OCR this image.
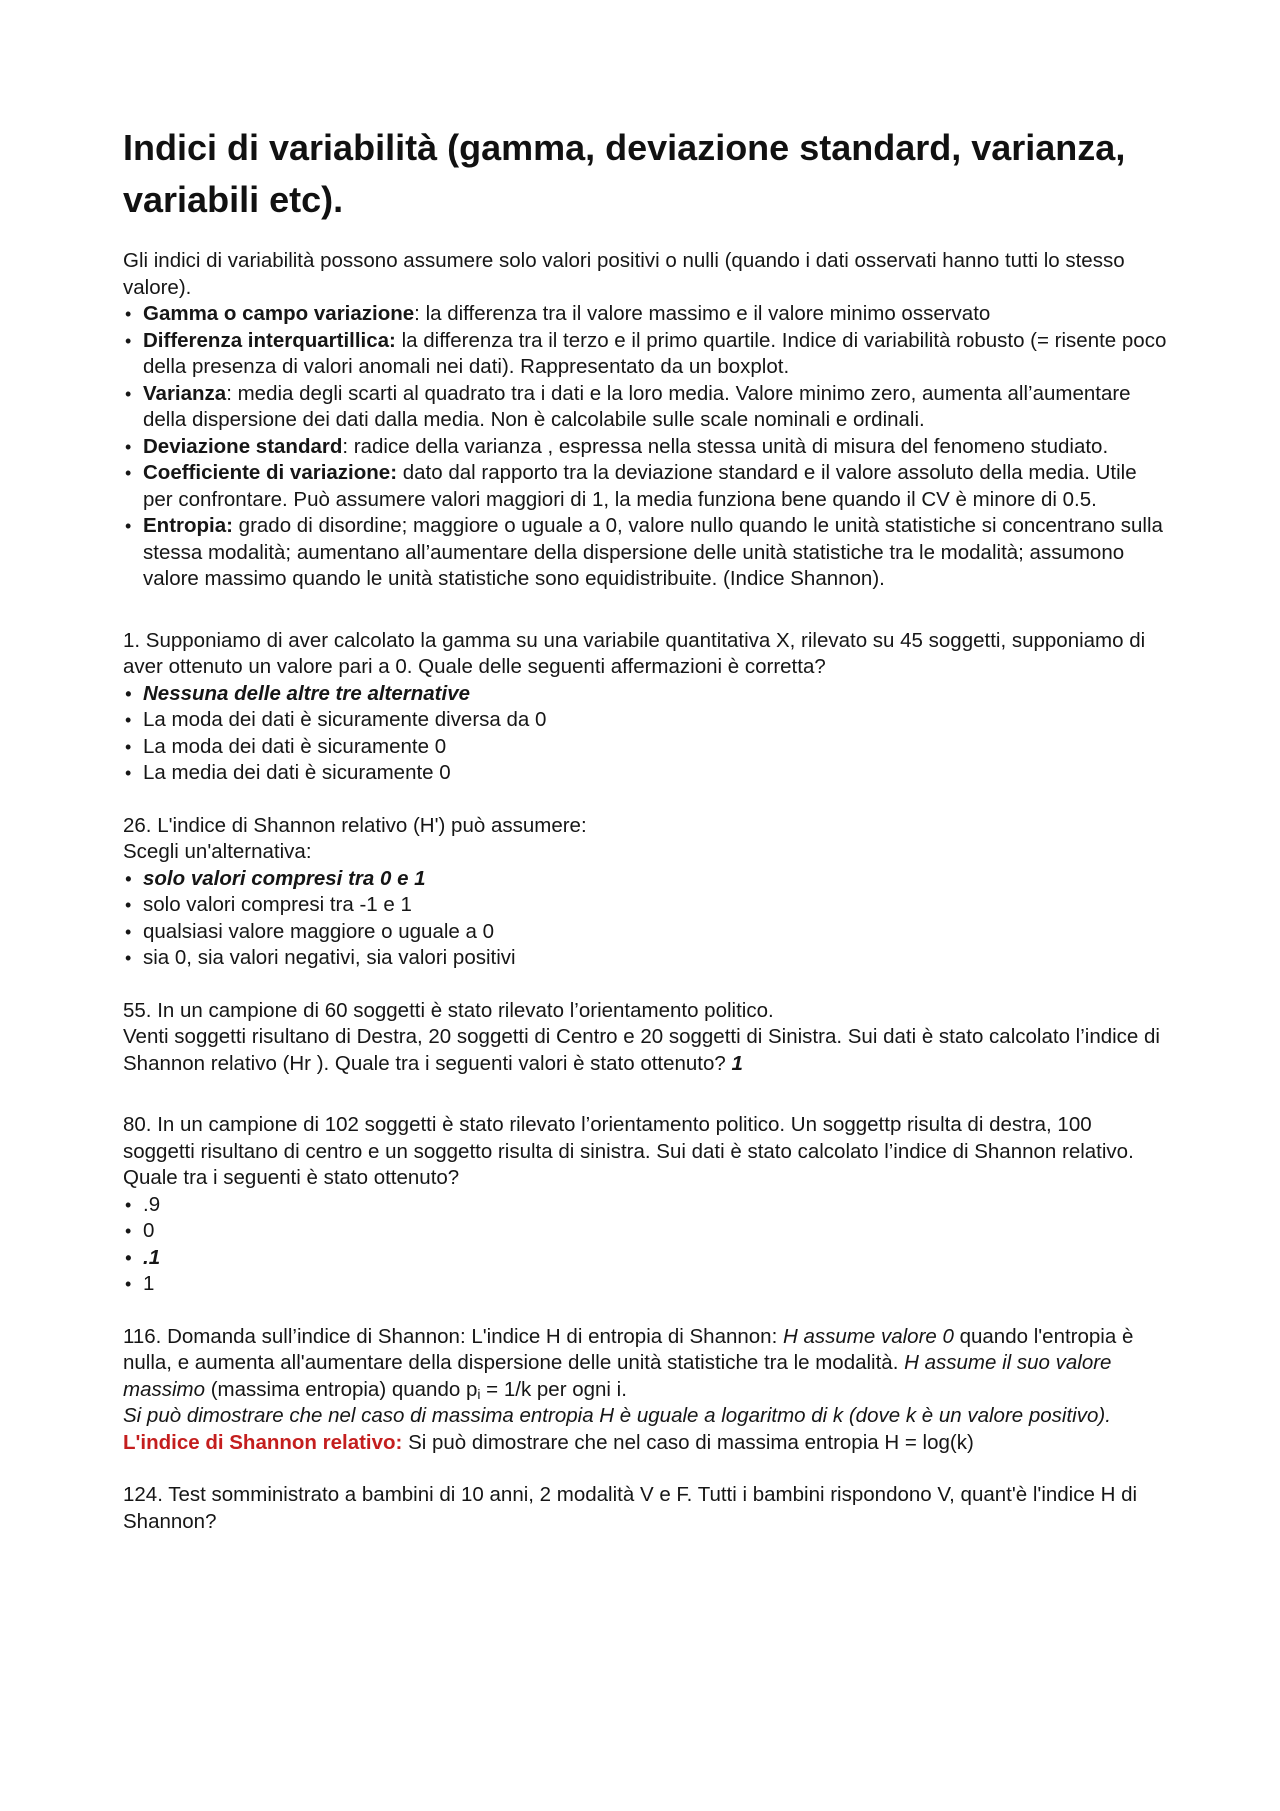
Indici di variabilità (gamma, deviazione standard, varianza, variabili etc).

Gli indici di variabilità possono assumere solo valori positivi o nulli (quando i dati osservati hanno tutti lo stesso valore).

• Gamma o campo variazione: la differenza tra il valore massimo e il valore minimo osservato
• Differenza interquartillica: la differenza tra il terzo e il primo quartile. Indice di variabilità robusto (= risente poco della presenza di valori anomali nei dati). Rappresentato da un boxplot.
• Varianza: media degli scarti al quadrato tra i dati e la loro media. Valore minimo zero, aumenta all’aumentare della dispersione dei dati dalla media. Non è calcolabile sulle scale nominali e ordinali.
• Deviazione standard: radice della varianza , espressa nella stessa unità di misura del fenomeno studiato.
• Coefficiente di variazione: dato dal rapporto tra la deviazione standard e il valore assoluto della media. Utile per confrontare. Può assumere valori maggiori di 1, la media funziona bene quando il CV è minore di 0.5.
• Entropia: grado di disordine; maggiore o uguale a 0, valore nullo quando le unità statistiche si concentrano sulla stessa modalità; aumentano all’aumentare della dispersione delle unità statistiche tra le modalità; assumono valore massimo quando le unità statistiche sono equidistribuite. (Indice Shannon).

1. Supponiamo di aver calcolato la gamma su una variabile quantitativa X, rilevato su 45 soggetti, supponiamo di aver ottenuto un valore pari a 0. Quale delle seguenti affermazioni è corretta?

• Nessuna delle altre tre alternative
• La moda dei dati è sicuramente diversa da 0
• La moda dei dati è sicuramente 0
• La media dei dati è sicuramente 0

26. L'indice di Shannon relativo (H') può assumere:

Scegli un'alternativa:

• solo valori compresi tra 0 e 1
• solo valori compresi tra -1 e 1
• qualsiasi valore maggiore o uguale a 0
• sia 0, sia valori negativi, sia valori positivi

55. In un campione di 60 soggetti è stato rilevato l’orientamento politico.

Venti soggetti risultano di Destra, 20 soggetti di Centro e 20 soggetti di Sinistra. Sui dati è stato calcolato l’indice di Shannon relativo (Hr ). Quale tra i seguenti valori è stato ottenuto? 1

80. In un campione di 102 soggetti è stato rilevato l’orientamento politico. Un soggettp risulta di destra, 100 soggetti risultano di centro e un soggetto risulta di sinistra. Sui dati è stato calcolato l’indice di Shannon relativo. Quale tra i seguenti è stato ottenuto?

• .9
• 0
• .1
• 1

116. Domanda sull’indice di Shannon: L'indice H di entropia di Shannon: H assume valore 0 quando l'entropia è nulla, e aumenta all'aumentare della dispersione delle unità statistiche tra le modalità. H assume il suo valore massimo (massima entropia) quando $p_i = 1/k$ per ogni i.

Si può dimostrare che nel caso di massima entropia H è uguale a logaritmo di k (dove k è un valore positivo). L'indice di Shannon relativo: Si può dimostrare che nel caso di massima entropia H = log(k)

124. Test somministrato a bambini di 10 anni, 2 modalità V e F. Tutti i bambini rispondono V, quant'è l'indice H di Shannon?
